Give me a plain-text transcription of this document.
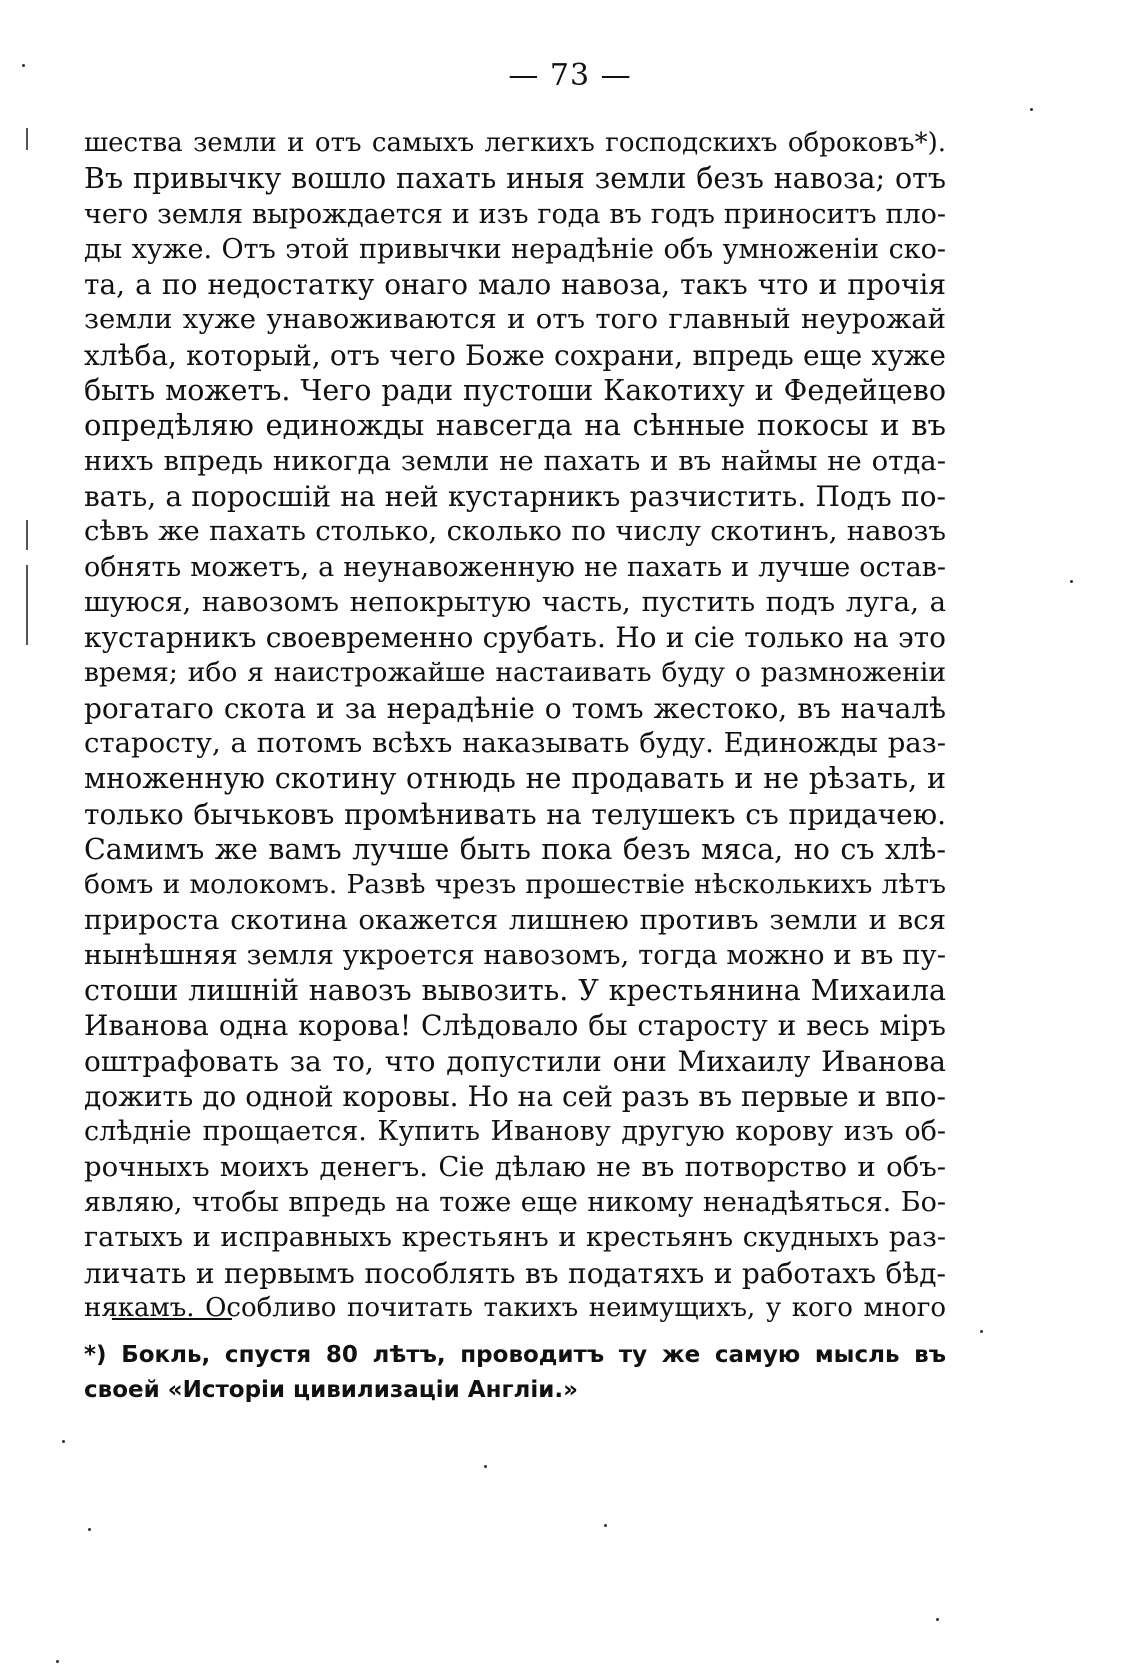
— 73 —
шества земли и отъ самыхъ легкихъ господскихъ оброковъ*).
Въ привычку вошло пахать иныя земли безъ навоза; отъ
чего земля вырождается и изъ года въ годъ приноситъ пло-
ды хуже. Отъ этой привычки нерадѣніе объ умноженіи ско-
та, а по недостатку онаго мало навоза, такъ что и прочія
земли хуже унавоживаются и отъ того главный неурожай
хлѣба, который, отъ чего Боже сохрани, впредь еще хуже
быть можетъ. Чего ради пустоши Какотиху и Федейцево
опредѣляю единожды навсегда на сѣнные покосы и въ
нихъ впредь никогда земли не пахать и въ наймы не отда-
вать, а поросшій на ней кустарникъ разчистить. Подъ по-
сѣвъ же пахать столько, сколько по числу скотинъ, навозъ
обнять можетъ, а неунавоженную не пахать и лучше остав-
шуюся, навозомъ непокрытую часть, пустить подъ луга, а
кустарникъ своевременно срубать. Но и сіе только на это
время; ибо я наистрожайше настаивать буду о размноженіи
рогатаго скота и за нерадѣніе о томъ жестоко, въ началѣ
старосту, а потомъ всѣхъ наказывать буду. Единожды раз-
множенную скотину отнюдь не продавать и не рѣзать, и
только бычьковъ промѣнивать на телушекъ съ придачею.
Самимъ же вамъ лучше быть пока безъ мяса, но съ хлѣ-
бомъ и молокомъ. Развѣ чрезъ прошествіе нѣсколькихъ лѣтъ
прироста скотина окажется лишнею противъ земли и вся
нынѣшняя земля укроется навозомъ, тогда можно и въ пу-
стоши лишній навозъ вывозить. У крестьянина Михаила
Иванова одна корова! Слѣдовало бы старосту и весь міръ
оштрафовать за то, что допустили они Михаилу Иванова
дожить до одной коровы. Но на сей разъ въ первые и впо-
слѣдніе прощается. Купить Иванову другую корову изъ об-
рочныхъ моихъ денегъ. Сіе дѣлаю не въ потворство и объ-
являю, чтобы впредь на тоже еще никому ненадѣяться. Бо-
гатыхъ и исправныхъ крестьянъ и крестьянъ скудныхъ раз-
личать и первымъ пособлять въ податяхъ и работахъ бѣд-
някамъ. Особливо почитать такихъ неимущихъ, у кого много
*) Бокль, спустя 80 лѣтъ, проводитъ ту же самую мысль въ
своей «Исторіи цивилизаціи Англіи.»
